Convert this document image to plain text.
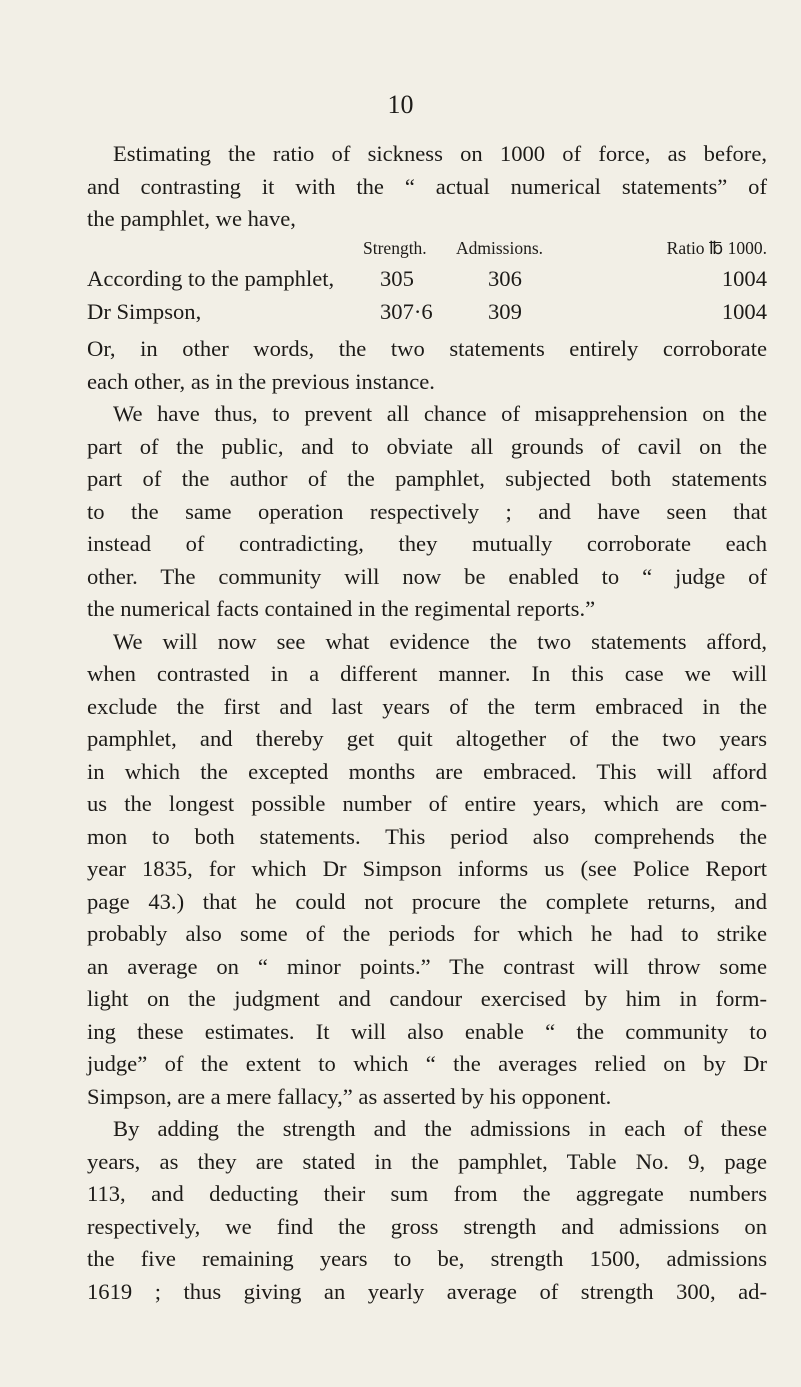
10

Estimating the ratio of sickness on 1000 of force, as before,

and contrasting it with the “ actual numerical statements” of

the pamphlet, we have,

Strength. Admissions.	Ratio ℔ 1000.
According to the pamphlet, 305	306	1004
Dr Simpson,	307·6 309	1004

Or, in other words, the two statements entirely corroborate

each other, as in the previous instance.

We have thus, to prevent all chance of misapprehension on the

part of the public, and to obviate all grounds of cavil on the

part of the author of the pamphlet, subjected both statements

to the same operation respectively ; and have seen that

instead of contradicting, they mutually corroborate each

other. The community will now be enabled to “ judge of

the numerical facts contained in the regimental reports.”

We will now see what evidence the two statements afford,

when contrasted in a different manner. In this case we will

exclude the first and last years of the term embraced in the

pamphlet, and thereby get quit altogether of the two years

in which the excepted months are embraced. This will afford

us the longest possible number of entire years, which are com-

mon to both statements. This period also comprehends the

year 1835, for which Dr Simpson informs us (see Police Report

page 43.) that he could not procure the complete returns, and

probably also some of the periods for which he had to strike

an average on “ minor points.” The contrast will throw some

light on the judgment and candour exercised by him in form-

ing these estimates. It will also enable “ the community to

judge” of the extent to which “ the averages relied on by Dr

Simpson, are a mere fallacy,” as asserted by his opponent.

By adding the strength and the admissions in each of these

years, as they are stated in the pamphlet, Table No. 9, page

113, and deducting their sum from the aggregate numbers

respectively, we find the gross strength and admissions on

the five remaining years to be, strength 1500, admissions

1619 ; thus giving an yearly average of strength 300, ad-
